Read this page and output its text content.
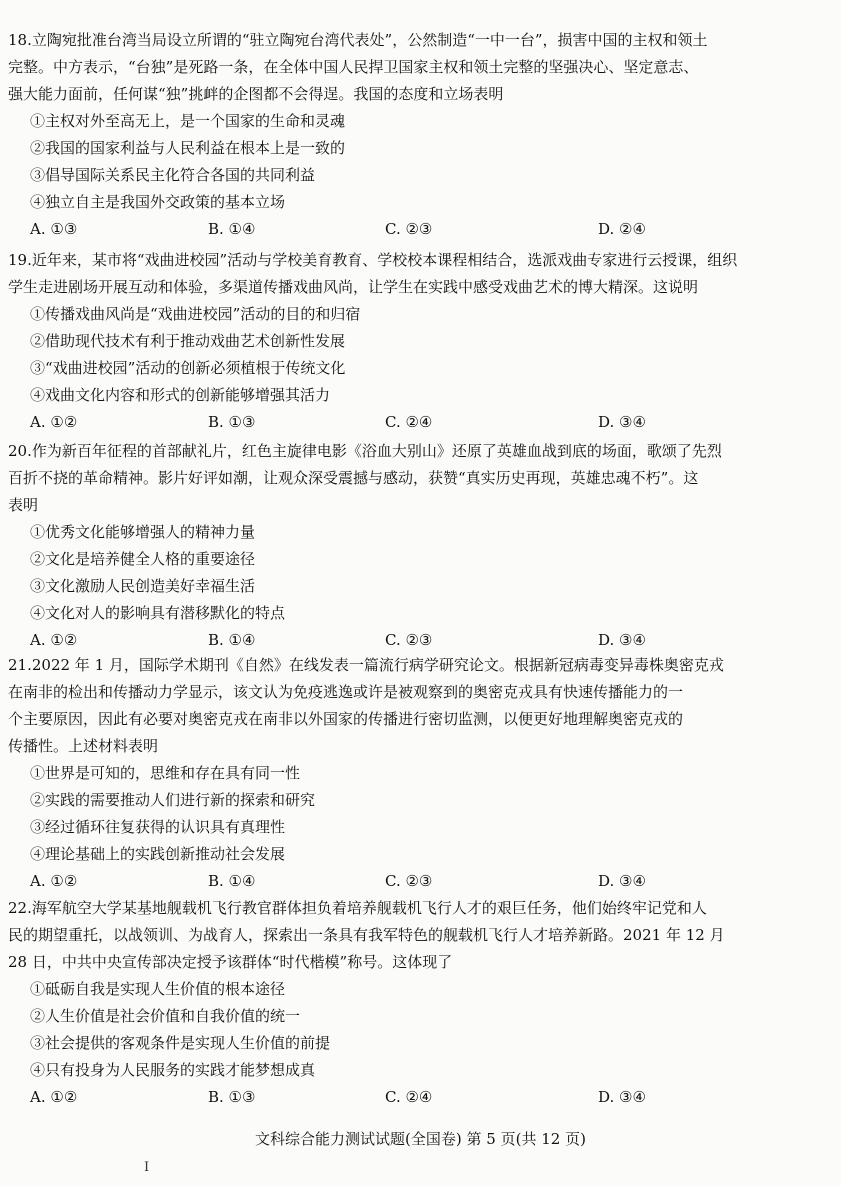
18.立陶宛批准台湾当局设立所谓的“驻立陶宛台湾代表处”，公然制造“一中一台”，损害中国的主权和领土
完整。中方表示，“台独”是死路一条，在全体中国人民捍卫国家主权和领土完整的坚强决心、坚定意志、
强大能力面前，任何谋“独”挑衅的企图都不会得逞。我国的态度和立场表明
①主权对外至高无上，是一个国家的生命和灵魂
②我国的国家利益与人民利益在根本上是一致的
③倡导国际关系民主化符合各国的共同利益
④独立自主是我国外交政策的基本立场
A. ①③	B. ①④	C. ②③	D. ②④
19.近年来，某市将“戏曲进校园”活动与学校美育教育、学校校本课程相结合，选派戏曲专家进行云授课，组织
学生走进剧场开展互动和体验，多渠道传播戏曲风尚，让学生在实践中感受戏曲艺术的博大精深。这说明
①传播戏曲风尚是“戏曲进校园”活动的目的和归宿
②借助现代技术有利于推动戏曲艺术创新性发展
③“戏曲进校园”活动的创新必须植根于传统文化
④戏曲文化内容和形式的创新能够增强其活力
A. ①②	B. ①③	C. ②④	D. ③④
20.作为新百年征程的首部献礼片，红色主旋律电影《浴血大别山》还原了英雄血战到底的场面，歌颂了先烈
百折不挠的革命精神。影片好评如潮，让观众深受震撼与感动，获赞“真实历史再现，英雄忠魂不朽”。这
表明
①优秀文化能够增强人的精神力量
②文化是培养健全人格的重要途径
③文化激励人民创造美好幸福生活
④文化对人的影响具有潜移默化的特点
A. ①②	B. ①④	C. ②③	D. ③④
21.2022 年 1 月，国际学术期刊《自然》在线发表一篇流行病学研究论文。根据新冠病毒变异毒株奥密克戎
在南非的检出和传播动力学显示，该文认为免疫逃逸或许是被观察到的奥密克戎具有快速传播能力的一
个主要原因，因此有必要对奥密克戎在南非以外国家的传播进行密切监测，以便更好地理解奥密克戎的
传播性。上述材料表明
①世界是可知的，思维和存在具有同一性
②实践的需要推动人们进行新的探索和研究
③经过循环往复获得的认识具有真理性
④理论基础上的实践创新推动社会发展
A. ①②	B. ①④	C. ②③	D. ③④
22.海军航空大学某基地舰载机飞行教官群体担负着培养舰载机飞行人才的艰巨任务，他们始终牢记党和人
民的期望重托，以战领训、为战育人，探索出一条具有我军特色的舰载机飞行人才培养新路。2021 年 12 月
28 日，中共中央宣传部决定授予该群体“时代楷模”称号。这体现了
①砥砺自我是实现人生价值的根本途径
②人生价值是社会价值和自我价值的统一
③社会提供的客观条件是实现人生价值的前提
④只有投身为人民服务的实践才能梦想成真
A. ①②	B. ①③	C. ②④	D. ③④
文科综合能力测试试题(全国卷) 第 5 页(共 12 页)
I
